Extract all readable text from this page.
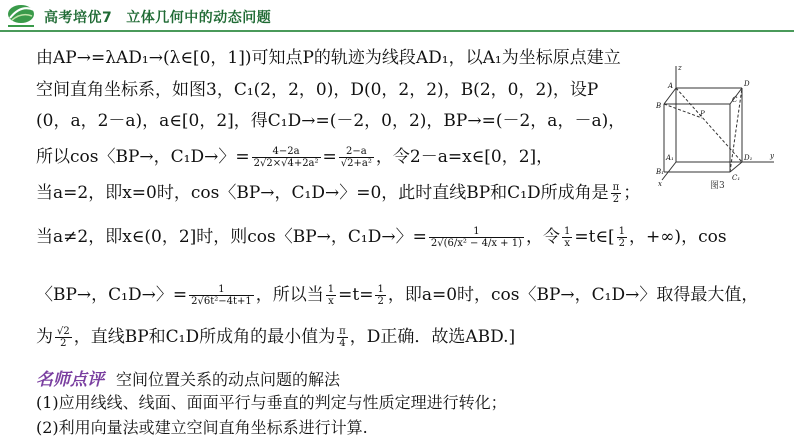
高考培优7 立体几何中的动态问题
由AP→=λAD₁→(λ∈[0，1])可知点P的轨迹为线段AD₁，以A₁为坐标原点建立
空间直角坐标系，如图3，C₁(2，2，0)，D(0，2，2)，B(2，0，2)，设P
(0，a，2－a)，a∈[0，2]，得C₁D→=(－2，0，2)，BP→=(－2，a，－a)，
所以cos〈BP→，C₁D→〉= $\frac{4-2a}{\text{2√2×√4+2a²}} = \frac{2-a}{\text{√2+a²}}$ ，令2－a=x∈[0，2]，
当a=2，即x=0时，cos〈BP→，C₁D→〉=0，此时直线BP和C₁D所成角是 $\frac{\pi}{2}$ ；
当a≠2，即x∈(0，2]时，则cos〈BP→，C₁D→〉= $\frac{1}{\text{2√(6/x² − 4/x + 1)}}$ ，令 $\frac{1}{x}$ =t∈[ $\frac{1}{2}$ ，+∞)，cos
〈BP→，C₁D→〉= $\frac{1}{\text{2√6t²−4t+1}}$ ，所以当 $\frac{1}{x} =t= \frac{1}{2}$ ，即a=0时，cos〈BP→，C₁D→〉取得最大值，
为 $\frac{√2}{2}$ ，直线BP和C₁D所成角的最小值为 $\frac{\pi}{4}$ ，D正确．故选ABD.]
名师点评 空间位置关系的动点问题的解法
(1)应用线线、线面、面面平行与垂直的判定与性质定理进行转化；
(2)利用向量法或建立空间直角坐标系进行计算.
z
A
B
D
C
P
A₁	D₁
B₁
C₁
x
y
图3
